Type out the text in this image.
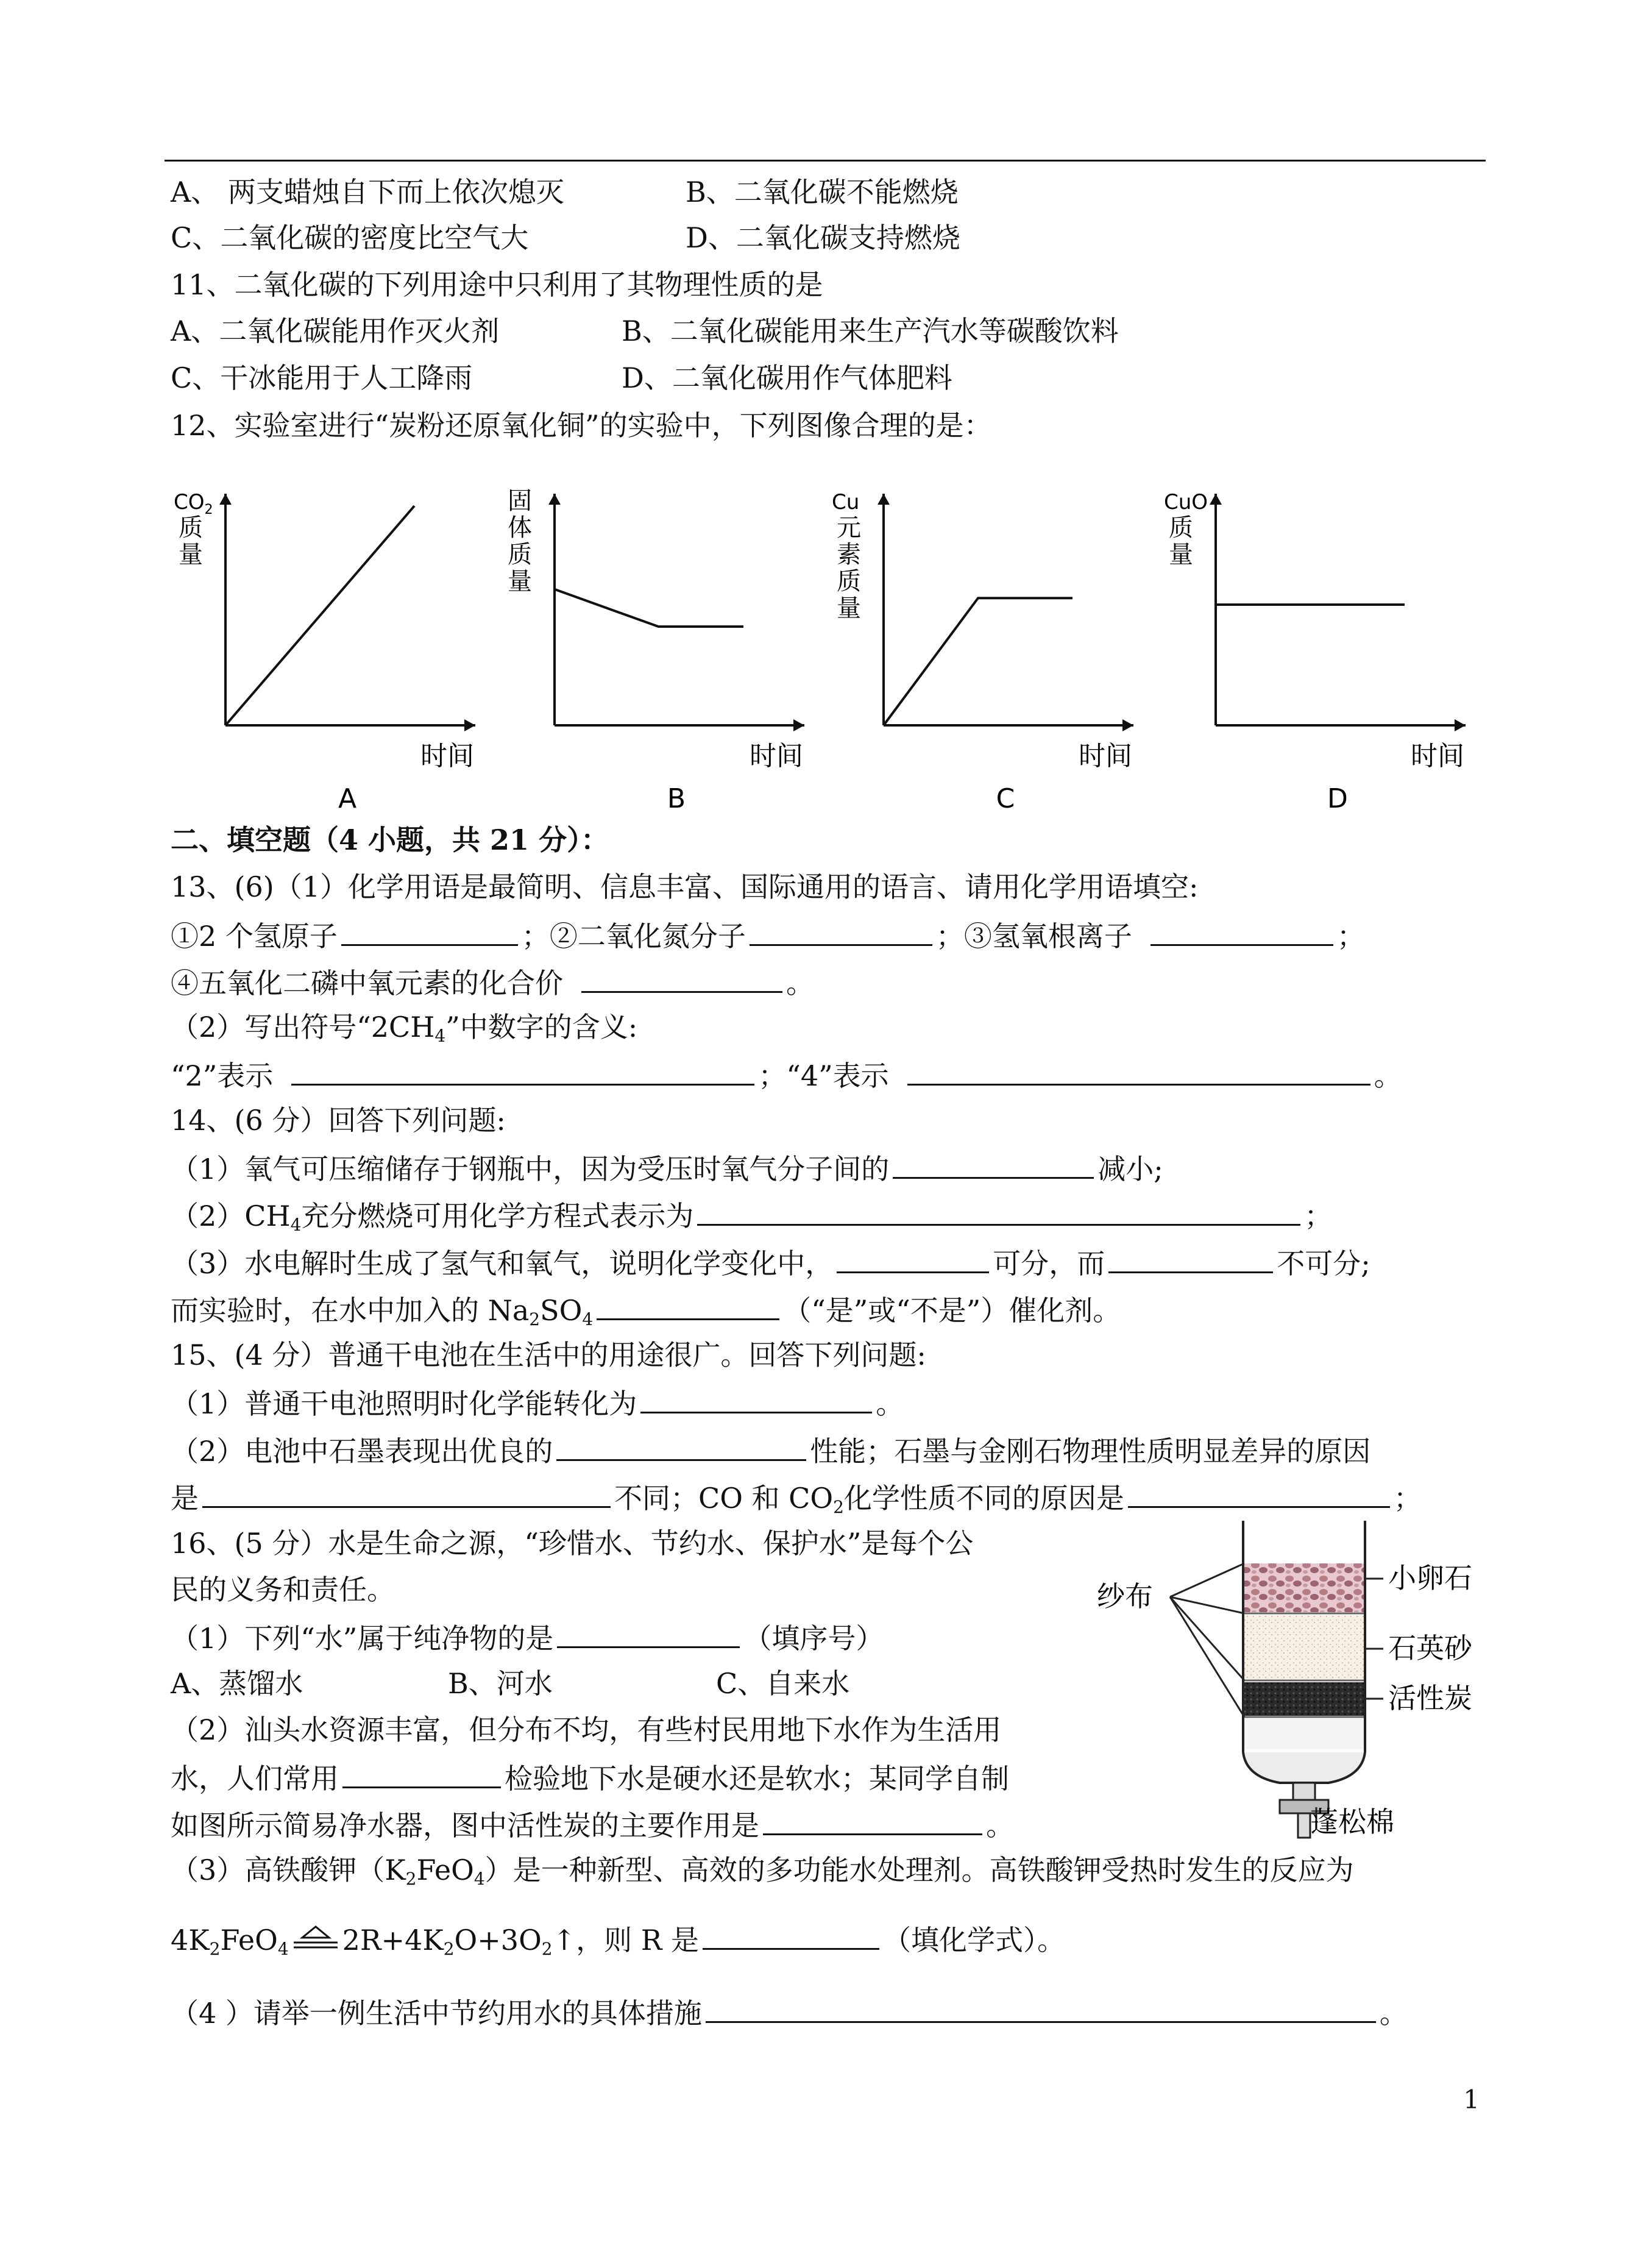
A、 两支蜡烛自下而上依次熄灭	B、二氧化碳不能燃烧
C、二氧化碳的密度比空气大	D、二氧化碳支持燃烧
11、二氧化碳的下列用途中只利用了其物理性质的是
A、二氧化碳能用作灭火剂	B、二氧化碳能用来生产汽水等碳酸饮料
C、干冰能用于人工降雨	D、二氧化碳用作气体肥料
12、实验室进行“炭粉还原氧化铜”的实验中，下列图像合理的是：
时间
A
$CO_2$
质
量
时间
B
固
体
质
量
时间
C
Cu
元
素
质
量
时间
D
CuO
质
量
二、填空题（4 小题，共 21 分）：
13、(6)（1）化学用语是最简明、信息丰富、国际通用的语言、请用化学用语填空:
①2 个氢原子	；②二氧化氮分子	；③氢氧根离子	；
④五氧化二磷中氧元素的化合价	。
（2）写出符号“$2CH_4$”中数字的含义:
“2”表示	；“4”表示	。
14、(6 分）回答下列问题:
（1）氧气可压缩储存于钢瓶中，因为受压时氧气分子间的	减小;
$(2)CH_4$充分燃烧可用化学方程式表示为	；
（3）水电解时生成了氢气和氧气，说明化学变化中，	可分，而	不可分;
而实验时，在水中加入的 $Na_2SO_4$	（“是”或“不是”）催化剂。
15、(4 分）普通干电池在生活中的用途很广。回答下列问题:
（1）普通干电池照明时化学能转化为	。
（2）电池中石墨表现出优良的	性能；石墨与金刚石物理性质明显差异的原因
是	不同；CO 和 $CO_2$化学性质不同的原因是	；
16、(5 分）水是生命之源，“珍惜水、节约水、保护水”是每个公
民的义务和责任。
（1）下列“水”属于纯净物的是	（填序号）
A、蒸馏水	B、河水	C、自来水
（2）汕头水资源丰富，但分布不均，有些村民用地下水作为生活用
水，人们常用	检验地下水是硬水还是软水；某同学自制
如图所示简易净水器，图中活性炭的主要作用是	。
（3）高铁酸钾$(K_2FeO_4)$是一种新型、高效的多功能水处理剂。高铁酸钾受热时发生的反应为
$4K_2FeO_4$ $2R+4K_2O+3O_2↑$，则 R 是	（填化学式）。
（4 ）请举一例生活中节约用水的具体措施	。
纱布
小卵石
石英砂
活性炭
蓬松棉
1
